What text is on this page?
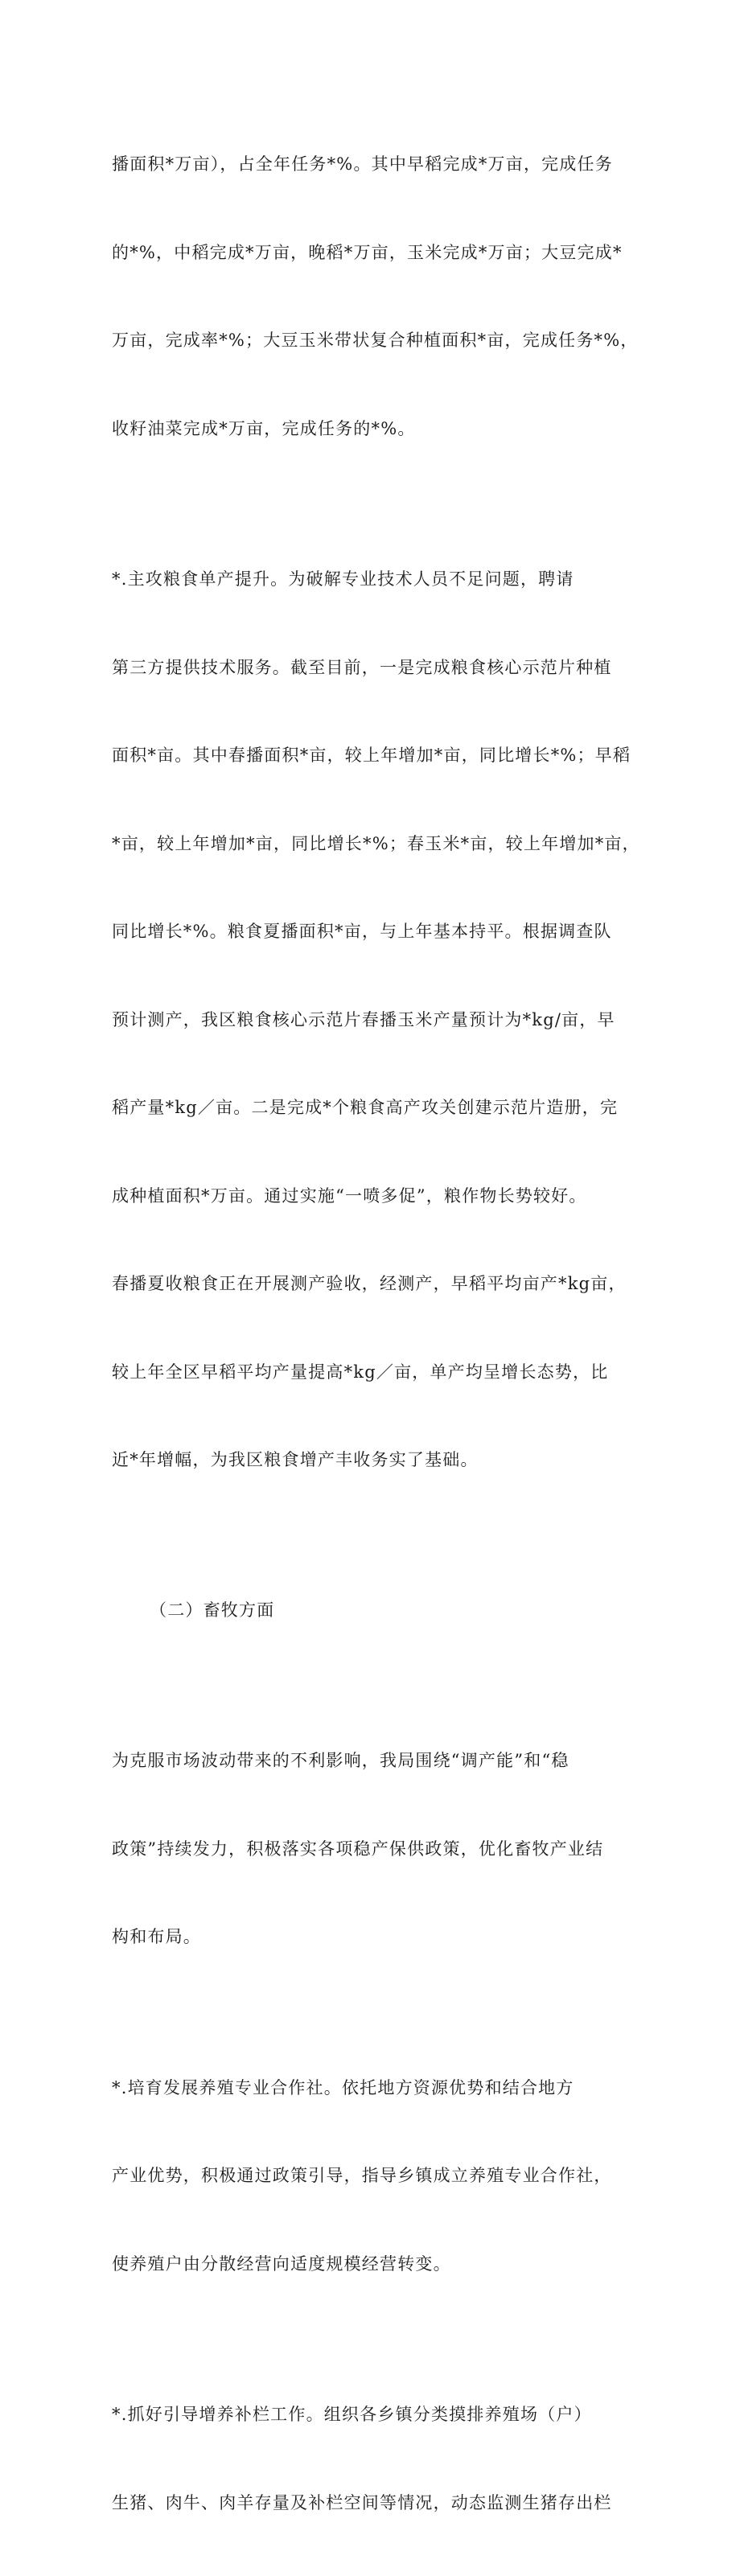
播面积*万亩），占全年任务*%。其中早稻完成*万亩，完成任务

的*%，中稻完成*万亩，晚稻*万亩，玉米完成*万亩；大豆完成*

万亩，完成率*%；大豆玉米带状复合种植面积*亩，完成任务*%，

收籽油菜完成*万亩，完成任务的*%。

*.主攻粮食单产提升。为破解专业技术人员不足问题，聘请

第三方提供技术服务。截至目前，一是完成粮食核心示范片种植

面积*亩。其中春播面积*亩，较上年增加*亩，同比增长*%；早稻

*亩，较上年增加*亩，同比增长*%；春玉米*亩，较上年增加*亩，

同比增长*%。粮食夏播面积*亩，与上年基本持平。根据调查队

预计测产，我区粮食核心示范片春播玉米产量预计为*kg/亩，早

稻产量*kg／亩。二是完成*个粮食高产攻关创建示范片造册，完

成种植面积*万亩。通过实施“一喷多促”，粮作物长势较好。

春播夏收粮食正在开展测产验收，经测产，早稻平均亩产*kg亩，

较上年全区早稻平均产量提高*kg／亩，单产均呈增长态势，比

近*年增幅，为我区粮食增产丰收务实了基础。

（二）畜牧方面

为克服市场波动带来的不利影响，我局围绕“调产能”和“稳

政策”持续发力，积极落实各项稳产保供政策，优化畜牧产业结

构和布局。

*.培育发展养殖专业合作社。依托地方资源优势和结合地方

产业优势，积极通过政策引导，指导乡镇成立养殖专业合作社，

使养殖户由分散经营向适度规模经营转变。

*.抓好引导增养补栏工作。组织各乡镇分类摸排养殖场（户）

生猪、肉牛、肉羊存量及补栏空间等情况，动态监测生猪存出栏
